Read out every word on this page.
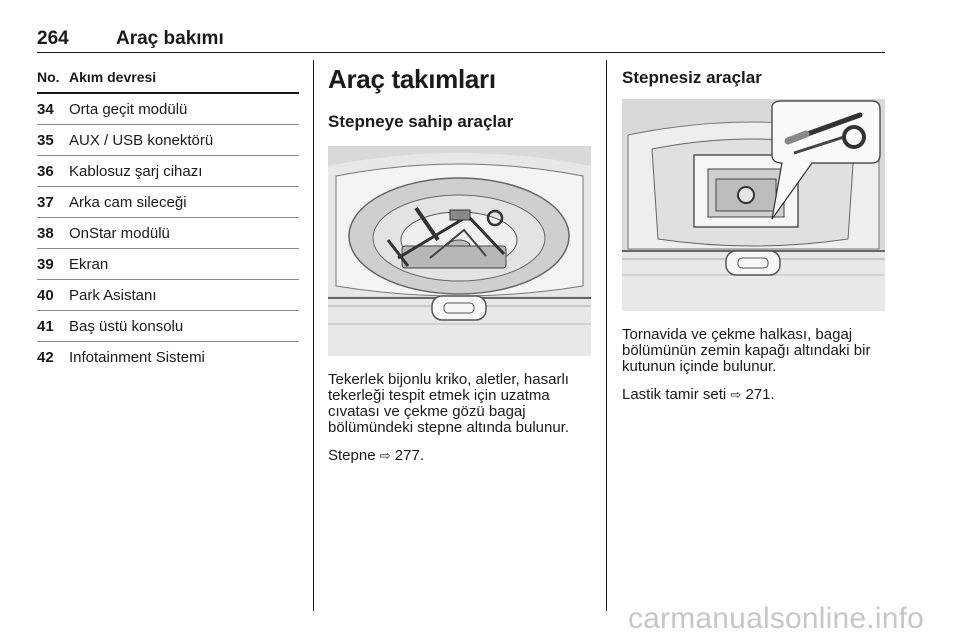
264 Araç bakımı
No. Akım devresi
34 Orta geçit modülü
35 AUX / USB konektörü
36 Kablosuz şarj cihazı
37 Arka cam sileceği
38 OnStar modülü
39 Ekran
40 Park Asistanı
41 Baş üstü konsolu
42 Infotainment Sistemi
Araç takımları
Stepneye sahip araçlar

Tekerlek bijonlu kriko, aletler, hasarlı
tekerleği tespit etmek için uzatma
cıvatası ve çekme gözü bagaj
bölümündeki stepne altında bulunur.

Stepne ⇨ 277.

Stepnesiz araçlar

Tornavida ve çekme halkası, bagaj
bölümünün zemin kapağı altındaki bir
kutunun içinde bulunur.

Lastik tamir seti ⇨ 271.

carmanualsonline.info
